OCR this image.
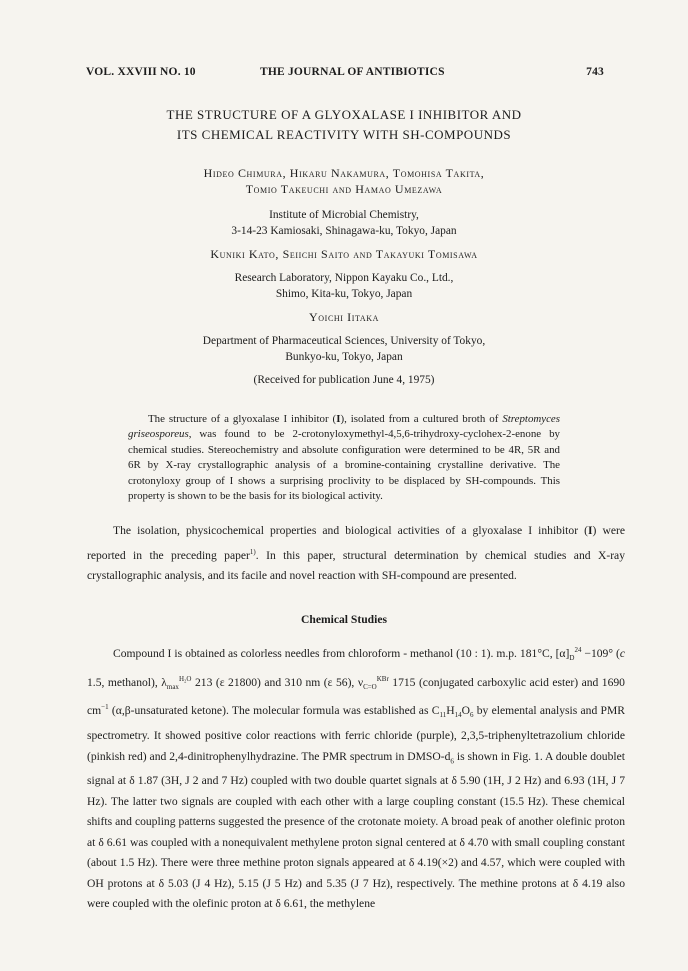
VOL. XXVIII NO. 10	THE JOURNAL OF ANTIBIOTICS	743
THE STRUCTURE OF A GLYOXALASE I INHIBITOR AND
ITS CHEMICAL REACTIVITY WITH SH-COMPOUNDS
Hideo Chimura, Hikaru Nakamura, Tomohisa Takita,
Tomio Takeuchi and Hamao Umezawa
Institute of Microbial Chemistry,
3-14-23 Kamiosaki, Shinagawa-ku, Tokyo, Japan
Kuniki Kato, Seiichi Saito and Takayuki Tomisawa
Research Laboratory, Nippon Kayaku Co., Ltd.,
Shimo, Kita-ku, Tokyo, Japan
Yoichi Iitaka
Department of Pharmaceutical Sciences, University of Tokyo,
Bunkyo-ku, Tokyo, Japan
(Received for publication June 4, 1975)

The structure of a glyoxalase I inhibitor (I), isolated from a cultured broth of Streptomyces griseosporeus, was found to be 2-crotonyloxymethyl-4,5,6-trihydroxy-cyclohex-2-enone by chemical studies. Stereochemistry and absolute configuration were determined to be 4R, 5R and 6R by X-ray crystallographic analysis of a bromine-containing crystalline derivative. The crotonyloxy group of I shows a surprising proclivity to be displaced by SH-compounds. This property is shown to be the basis for its biological activity.

The isolation, physicochemical properties and biological activities of a glyoxalase I inhibitor (I) were reported in the preceding paper$^{1)}$. In this paper, structural determination by chemical studies and X-ray crystallographic analysis, and its facile and novel reaction with SH-compound are presented.

Chemical Studies

Compound I is obtained as colorless needles from chloroform - methanol (10 : 1). m.p. 181°C, $[\alpha]_D^{24} -109^\circ$ (c 1.5, methanol), $\lambda_{max}^{H_2O}$ 213 (ε 21800) and 310 nm (ε 56), $\nu_{C=O}^{KBr}$ 1715 (conjugated carboxylic acid ester) and 1690 $cm^{-1}$ (α,β-unsaturated ketone). The molecular formula was established as $C_{11}H_{14}O_6$ by elemental analysis and PMR spectrometry. It showed positive color reactions with ferric chloride (purple), 2,3,5-triphenyltetrazolium chloride (pinkish red) and 2,4-dinitrophenylhydrazine. The PMR spectrum in DMSO-$d_6$ is shown in Fig. 1. A double doublet signal at δ 1.87 (3H, J 2 and 7 Hz) coupled with two double quartet signals at δ 5.90 (1H, J 2 Hz) and 6.93 (1H, J 7 Hz). The latter two signals are coupled with each other with a large coupling constant (15.5 Hz). These chemical shifts and coupling patterns suggested the presence of the crotonate moiety. A broad peak of another olefinic proton at δ 6.61 was coupled with a nonequivalent methylene proton signal centered at δ 4.70 with small coupling constant (about 1.5 Hz). There were three methine proton signals appeared at δ 4.19(×2) and 4.57, which were coupled with OH protons at δ 5.03 (J 4 Hz), 5.15 (J 5 Hz) and 5.35 (J 7 Hz), respectively. The methine protons at δ 4.19 also were coupled with the olefinic proton at δ 6.61, the methylene
